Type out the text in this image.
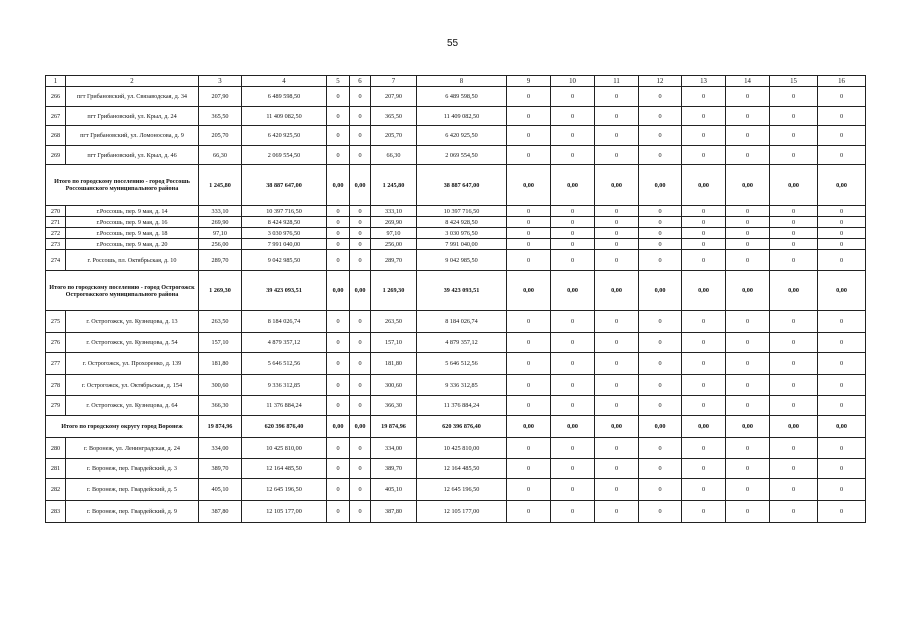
55
1	2	3	4	5	6	7	8	9	10	11	12	13	14	15	16
266	пгт Грибановский, ул. Связаводская, д. 34	207,90	6 489 598,50	0	0	207,90	6 489 598,50	0	0	0	0	0	0	0	0
267	пгт Грибановский, ул. Крыл, д. 24	365,50	11 409 082,50	0	0	365,50	11 409 082,50	0	0	0	0	0	0	0	0
268	пгт Грибановский, ул. Ломоносова, д. 9	205,70	6 420 925,50	0	0	205,70	6 420 925,50	0	0	0	0	0	0	0	0
269	пгт Грибановский, ул. Крыл, д. 46	66,30	2 069 554,50	0	0	66,30	2 069 554,50	0	0	0	0	0	0	0	0
Итого по городскому поселению - город Россошь Россошанского муниципального района		1 245,80	38 887 647,00	0,00	0,00	1 245,80	38 887 647,00	0,00	0,00	0,00	0,00	0,00	0,00	0,00	0,00
270	г.Россошь, пер. 9 мая, д. 14	333,10	10 397 716,50	0	0	333,10	10 397 716,50	0	0	0	0	0	0	0	0
271	г.Россошь, пер. 9 мая, д. 16	269,90	8 424 928,50	0	0	269,90	8 424 928,50	0	0	0	0	0	0	0	0
272	г.Россошь, пер. 9 мая, д. 18	97,10	3 030 976,50	0	0	97,10	3 030 976,50	0	0	0	0	0	0	0	0
273	г.Россошь, пер. 9 мая, д. 20	256,00	7 991 040,00	0	0	256,00	7 991 040,00	0	0	0	0	0	0	0	0
274	г. Россошь, пл. Октябрьская, д. 10	289,70	9 042 985,50	0	0	289,70	9 042 985,50	0	0	0	0	0	0	0	0
Итого по городскому поселению - город Острогожск Острогожского муниципального района		1 269,30	39 423 093,51	0,00	0,00	1 269,30	39 423 093,51	0,00	0,00	0,00	0,00	0,00	0,00	0,00	0,00
275	г. Острогожск, ул. Кузнецова, д. 13	263,50	8 184 026,74	0	0	263,50	8 184 026,74	0	0	0	0	0	0	0	0
276	г. Острогожск, ул. Кузнецова, д. 54	157,10	4 879 357,12	0	0	157,10	4 879 357,12	0	0	0	0	0	0	0	0
277	г. Острогожск, ул. Прохоренко, д. 139	181,80	5 646 512,56	0	0	181,80	5 646 512,56	0	0	0	0	0	0	0	0
278	г. Острогожск, ул. Октябрьская, д. 154	300,60	9 336 312,85	0	0	300,60	9 336 312,85	0	0	0	0	0	0	0	0
279	г. Острогожск, ул. Кузнецова, д. 64	366,30	11 376 884,24	0	0	366,30	11 376 884,24	0	0	0	0	0	0	0	0
Итого по городскому округу город Воронеж		19 874,96	620 396 876,40	0,00	0,00	19 874,96	620 396 876,40	0,00	0,00	0,00	0,00	0,00	0,00	0,00	0,00
280	г. Воронеж, ул. Ленинградская, д. 24	334,00	10 425 810,00	0	0	334,00	10 425 810,00	0	0	0	0	0	0	0	0
281	г. Воронеж, пер. Гвардейский, д. 3	389,70	12 164 485,50	0	0	389,70	12 164 485,50	0	0	0	0	0	0	0	0
282	г. Воронеж, пер. Гвардейский, д. 5	405,10	12 645 196,50	0	0	405,10	12 645 196,50	0	0	0	0	0	0	0	0
283	г. Воронеж, пер. Гвардейский, д. 9	387,80	12 105 177,00	0	0	387,80	12 105 177,00	0	0	0	0	0	0	0	0
